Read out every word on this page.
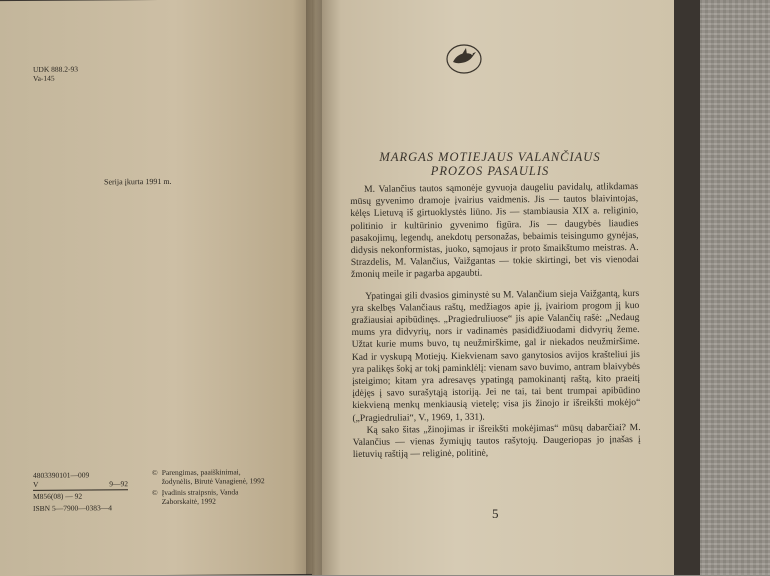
UDK 888.2-93
Va-145
Serija įkurta 1991 m.
4803390101—009
V	9—92
M856(08) — 92
ISBN 5—7900—0383—4
© Parengimas, paaiškinimai, žodynėlis, Birutė Vanagienė, 1992
© Įvadinis straipsnis, Vanda Zaborskaitė, 1992
MARGAS MOTIEJAUS VALANČIAUS
PROZOS PASAULIS

M. Valančius tautos sąmonėje gyvuoja daugeliu pavidalų, atlikdamas mūsų gyvenimo dramoje įvairius vaidmenis. Jis — tautos blaivintojas, kėlęs Lietuvą iš girtuoklystės liūno. Jis — stambiausia XIX a. religinio, politinio ir kultūrinio gyvenimo figūra. Jis — daugybės liaudies pasakojimų, legendų, anekdotų personažas, bebaimis teisingumo gynėjas, didysis nekonformistas, juoko, sąmojaus ir proto šmaikštumo meistras. A. Strazdelis, M. Valančius, Vaižgantas — tokie skirtingi, bet vis vienodai žmonių meile ir pagarba apgaubti.

Ypatingai gili dvasios giminystė su M. Valančium sieja Vaižgantą, kurs yra skelbęs Valančiaus raštų, medžiagos apie jį, įvairiom progom jį kuo gražiausiai apibūdinęs. „Pragiedruliuose“ jis apie Valančių rašė: „Nedaug mums yra didvyrių, nors ir vadinamės pasididžiuodami didvyrių žeme. Užtat kurie mums buvo, tų neužmirškime, gal ir niekados neužmiršime. Kad ir vyskupą Motiejų. Kiekvienam savo ganytosios avijos krašteliui jis yra palikęs šokį ar tokį paminklėlį: vienam savo buvimo, antram blaivybės įsteigimo; kitam yra adresavęs ypatingą pamokinantį raštą, kito praeitį įdėjęs į savo surašytąją istoriją. Jei ne tai, tai bent trumpai apibūdino kiekvieną menkų menkiausią vietelę; visa jis žinojo ir išreikšti mokėjo“ („Pragiedruliai“, V., 1969, 1, 331).

Ką sako šitas „žinojimas ir išreikšti mokėjimas“ mūsų dabarčiai? M. Valančius — vienas žymiųjų tautos rašytojų. Daugeriopas jo įnašas į lietuvių raštiją — religinė, politinė,

5
